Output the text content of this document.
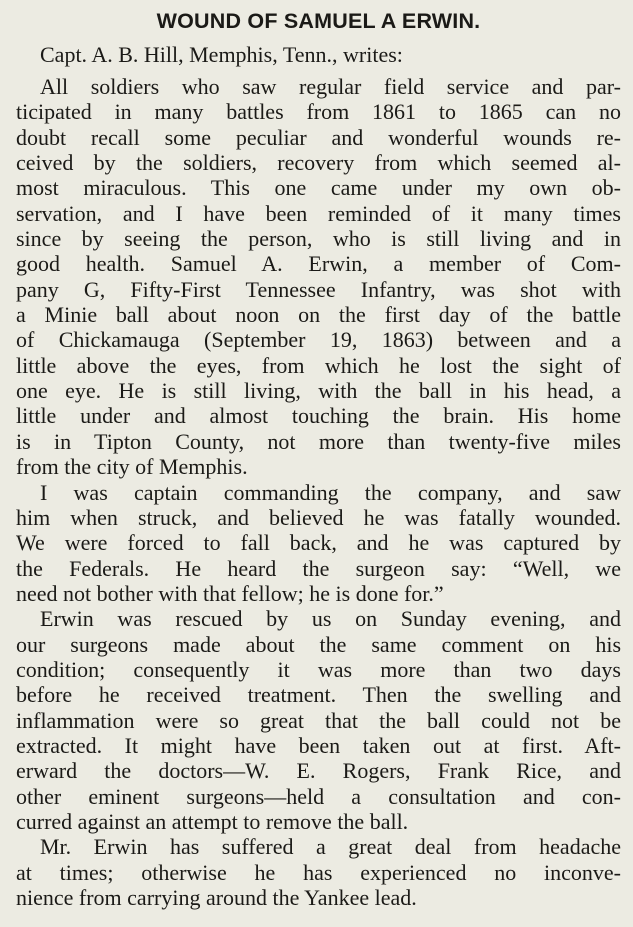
WOUND OF SAMUEL A ERWIN.
Capt. A. B. Hill, Memphis, Tenn., writes:
All soldiers who saw regular field service and par-
ticipated in many battles from 1861 to 1865 can no
doubt recall some peculiar and wonderful wounds re-
ceived by the soldiers, recovery from which seemed al-
most miraculous. This one came under my own ob-
servation, and I have been reminded of it many times
since by seeing the person, who is still living and in
good health. Samuel A. Erwin, a member of Com-
pany G, Fifty-First Tennessee Infantry, was shot with
a Minie ball about noon on the first day of the battle
of Chickamauga (September 19, 1863) between and a
little above the eyes, from which he lost the sight of
one eye. He is still living, with the ball in his head, a
little under and almost touching the brain. His home
is in Tipton County, not more than twenty-five miles
from the city of Memphis.
I was captain commanding the company, and saw
him when struck, and believed he was fatally wounded.
We were forced to fall back, and he was captured by
the Federals. He heard the surgeon say: “Well, we
need not bother with that fellow; he is done for.”
Erwin was rescued by us on Sunday evening, and
our surgeons made about the same comment on his
condition; consequently it was more than two days
before he received treatment. Then the swelling and
inflammation were so great that the ball could not be
extracted. It might have been taken out at first. Aft-
erward the doctors—W. E. Rogers, Frank Rice, and
other eminent surgeons—held a consultation and con-
curred against an attempt to remove the ball.
Mr. Erwin has suffered a great deal from headache
at times; otherwise he has experienced no inconve-
nience from carrying around the Yankee lead.
